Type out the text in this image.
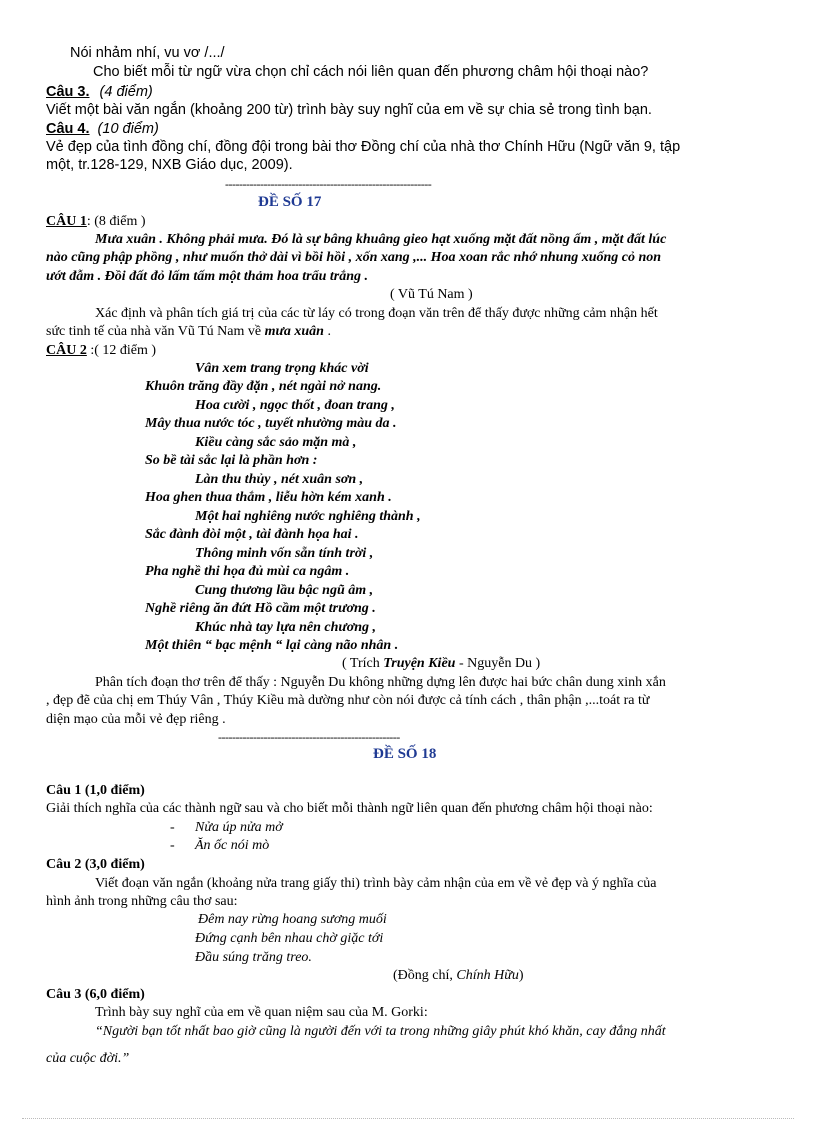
Nói nhảm nhí, vu vơ /.../
Cho biết mỗi từ ngữ vừa chọn chỉ cách nói liên quan đến phương châm hội thoại nào?
Câu 3. (4 điểm)
Viết một bài văn ngắn (khoảng 200 từ) trình bày suy nghĩ của em về sự chia sẻ trong tình bạn.
Câu 4. (10 điểm)
Vẻ đẹp của tình đồng chí, đồng đội trong bài thơ Đồng chí của nhà thơ Chính Hữu (Ngữ văn 9, tập
một, tr.128-129, NXB Giáo dục, 2009).
-----------------------------------------------------------
ĐỀ SỐ 17
CÂU 1: (8 điểm )
Mưa xuân . Không phải mưa. Đó là sự bâng khuâng gieo hạt xuống mặt đất nồng ấm , mặt đất lúc
nào cũng phập phồng , như muốn thở dài vì bồi hồi , xốn xang ,... Hoa xoan rắc nhớ nhung xuống cỏ non
ướt đẫm . Đồi đất đỏ lấm tấm một thảm hoa trẩu trắng .
( Vũ Tú Nam )
Xác định và phân tích giá trị của các từ láy có trong đoạn văn trên để thấy được những cảm nhận hết
sức tinh tế của nhà văn Vũ Tú Nam về mưa xuân .
CÂU 2 :( 12 điểm )
Vân xem trang trọng khác vời
Khuôn trăng đầy đặn , nét ngài nở nang.
Hoa cười , ngọc thốt , đoan trang ,
Mây thua nước tóc , tuyết nhường màu da .
Kiều càng sắc sảo mặn mà ,
So bề tài sắc lại là phần hơn :
Làn thu thủy , nét xuân sơn ,
Hoa ghen thua thắm , liễu hờn kém xanh .
Một hai nghiêng nước nghiêng thành ,
Sắc đành đòi một , tài đành họa hai .
Thông minh vốn sẵn tính trời ,
Pha nghề thi họa đủ mùi ca ngâm .
Cung thương lầu bậc ngũ âm ,
Nghề riêng ăn đứt Hồ cầm một trương .
Khúc nhà tay lựa nên chương ,
Một thiên “ bạc mệnh “ lại càng não nhân .
( Trích Truyện Kiều - Nguyễn Du )
Phân tích đoạn thơ trên để thấy : Nguyễn Du không những dựng lên được hai bức chân dung xinh xắn
, đẹp đẽ của chị em Thúy Vân , Thúy Kiều mà dường như còn nói được cả tính cách , thân phận ,...toát ra từ
diện mạo của mỗi vẻ đẹp riêng .
----------------------------------------------------
ĐỀ SỐ 18
Câu 1 (1,0 điểm)
Giải thích nghĩa của các thành ngữ sau và cho biết mỗi thành ngữ liên quan đến phương châm hội thoại nào:
- Nửa úp nửa mở
- Ăn ốc nói mò
Câu 2 (3,0 điểm)
Viết đoạn văn ngắn (khoảng nửa trang giấy thi) trình bày cảm nhận của em về vẻ đẹp và ý nghĩa của
hình ảnh trong những câu thơ sau:
Đêm nay rừng hoang sương muối
Đứng cạnh bên nhau chờ giặc tới
Đầu súng trăng treo.
(Đồng chí, Chính Hữu)
Câu 3 (6,0 điểm)
Trình bày suy nghĩ của em về quan niệm sau của M. Gorki:
“Người bạn tốt nhất bao giờ cũng là người đến với ta trong những giây phút khó khăn, cay đắng nhất
của cuộc đời.”
